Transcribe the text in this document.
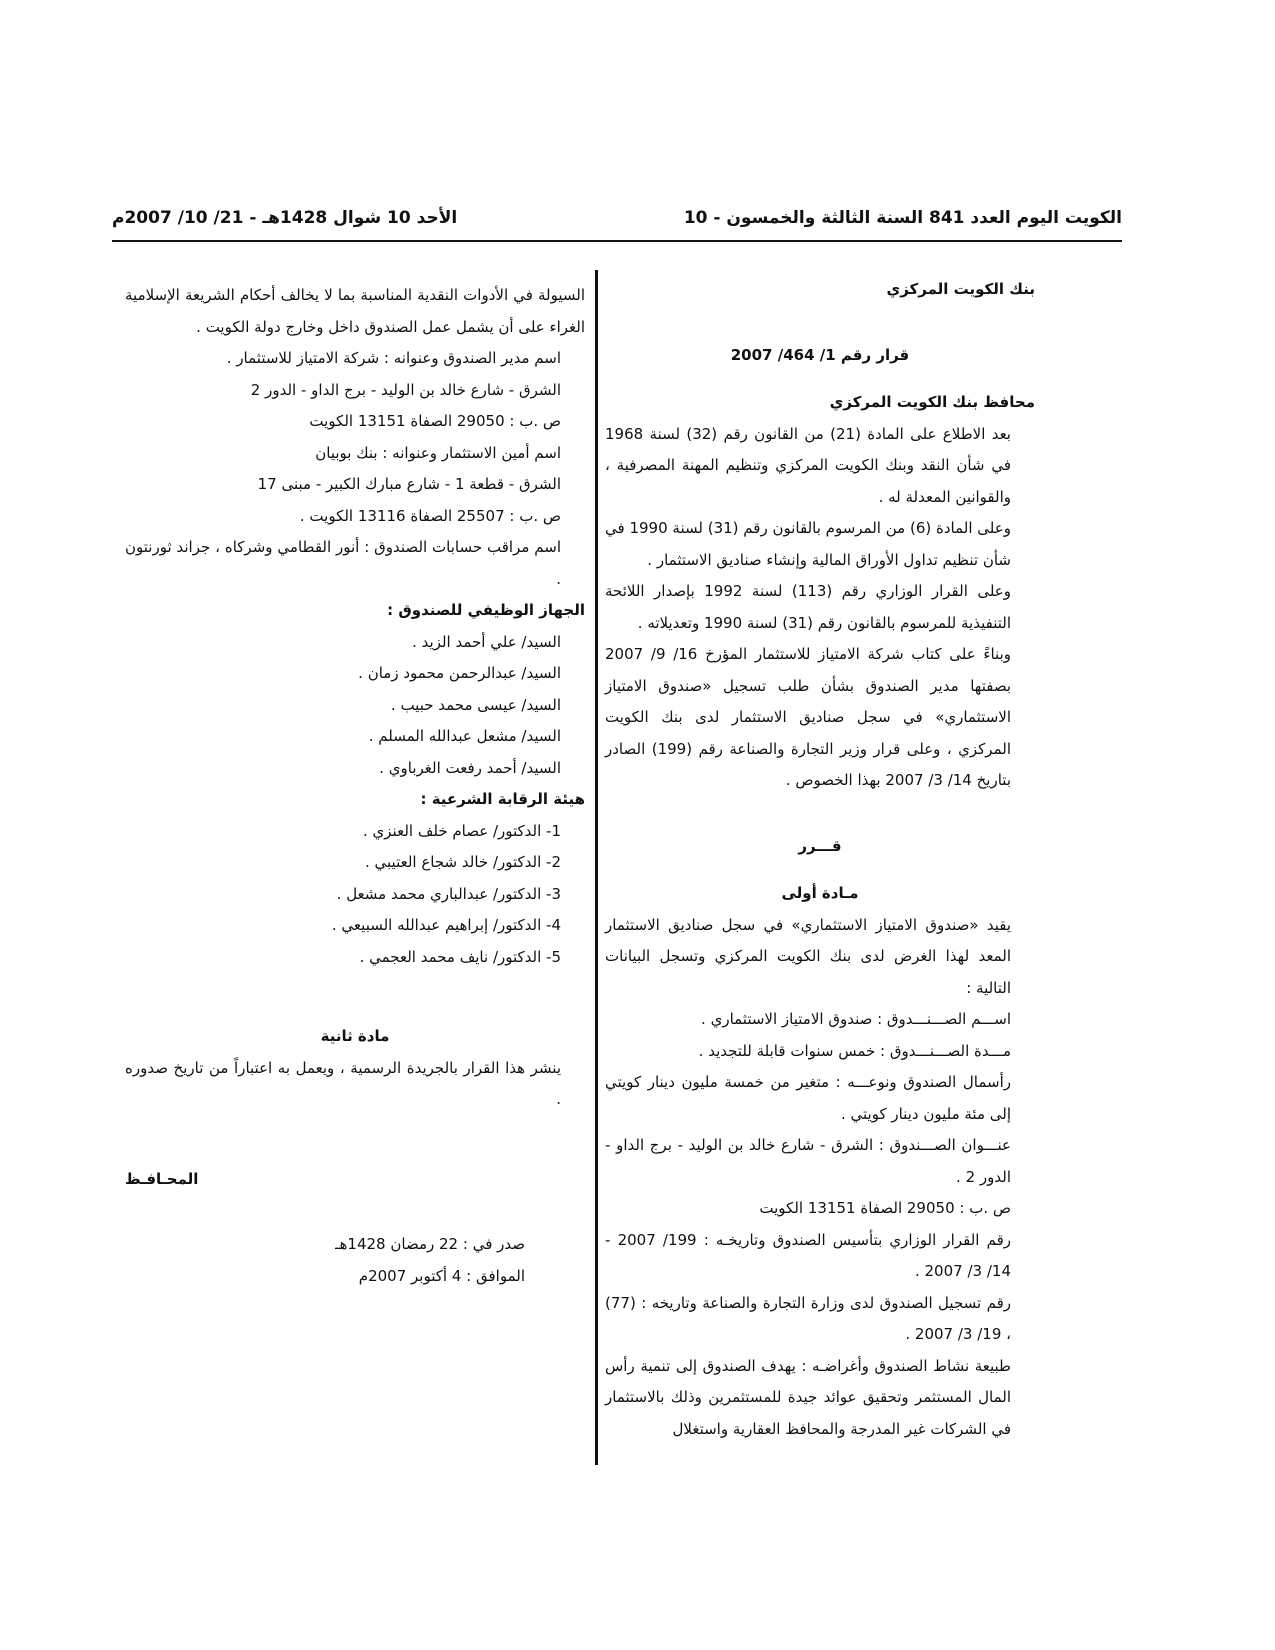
الكويت اليوم العدد 841 السنة الثالثة والخمسون - 10
الأحد 10 شوال 1428هـ - 21/ 10/ 2007م

بنك الكويت المركزي

قرار رقم 1/ 464/ 2007

محافظ بنك الكويت المركزي

بعد الاطلاع على المادة (21) من القانون رقم (32) لسنة 1968 في شأن النقد وبنك الكويت المركزي وتنظيم المهنة المصرفية ، والقوانين المعدلة له .

وعلى المادة (6) من المرسوم بالقانون رقم (31) لسنة 1990 في شأن تنظيم تداول الأوراق المالية وإنشاء صناديق الاستثمار .

وعلى القرار الوزاري رقم (113) لسنة 1992 بإصدار اللائحة التنفيذية للمرسوم بالقانون رقم (31) لسنة 1990 وتعديلاته .

وبناءً على كتاب شركة الامتياز للاستثمار المؤرخ 16/ 9/ 2007 بصفتها مدير الصندوق بشأن طلب تسجيل «صندوق الامتياز الاستثماري» في سجل صناديق الاستثمار لدى بنك الكويت المركزي ، وعلى قرار وزير التجارة والصناعة رقم (199) الصادر بتاريخ 14/ 3/ 2007 بهذا الخصوص .

قـــرر

مـادة أولى

يقيد «صندوق الامتياز الاستثماري» في سجل صناديق الاستثمار المعد لهذا الغرض لدى بنك الكويت المركزي وتسجل البيانات التالية :

اســـم الصـــنـــدوق : صندوق الامتياز الاستثماري .

مـــدة الصـــنـــدوق : خمس سنوات قابلة للتجديد .

رأسمال الصندوق ونوعـــه : متغير من خمسة مليون دينار كويتي إلى مئة مليون دينار كويتي .

عنـــوان الصـــندوق : الشرق - شارع خالد بن الوليد - برج الداو - الدور 2 .

ص .ب : 29050 الصفاة 13151 الكويت

رقم القرار الوزاري بتأسيس الصندوق وتاريخـه : 199/ 2007 - 14/ 3/ 2007 .

رقم تسجيل الصندوق لدى وزارة التجارة والصناعة وتاريخه : (77) ، 19/ 3/ 2007 .

طبيعة نشاط الصندوق وأغراضـه : يهدف الصندوق إلى تنمية رأس المال المستثمر وتحقيق عوائد جيدة للمستثمرين وذلك بالاستثمار في الشركات غير المدرجة والمحافظ العقارية واستغلال

السيولة في الأدوات النقدية المناسبة بما لا يخالف أحكام الشريعة الإسلامية الغراء على أن يشمل عمل الصندوق داخل وخارج دولة الكويت .

اسم مدير الصندوق وعنوانه : شركة الامتياز للاستثمار .

الشرق - شارع خالد بن الوليد - برج الداو - الدور 2

ص .ب : 29050 الصفاة 13151 الكويت

اسم أمين الاستثمار وعنوانه : بنك بوبيان

الشرق - قطعة 1 - شارع مبارك الكبير - مبنى 17

ص .ب : 25507 الصفاة 13116 الكويت .

اسم مراقب حسابات الصندوق : أنور القطامي وشركاه ، جراند ثورنتون .

الجهاز الوظيفي للصندوق :

السيد/ علي أحمد الزيد .

السيد/ عبدالرحمن محمود زمان .

السيد/ عيسى محمد حبيب .

السيد/ مشعل عبدالله المسلم .

السيد/ أحمد رفعت الغرباوي .

هيئة الرقابة الشرعية :

1- الدكتور/ عصام خلف العنزي .

2- الدكتور/ خالد شجاع العتيبي .

3- الدكتور/ عبدالباري محمد مشعل .

4- الدكتور/ إبراهيم عبدالله السبيعي .

5- الدكتور/ نايف محمد العجمي .

مادة ثانية

ينشر هذا القرار بالجريدة الرسمية ، ويعمل به اعتباراً من تاريخ صدوره .

المحـافـظ

صدر في : 22 رمضان 1428هـ

الموافق : 4 أكتوبر 2007م
